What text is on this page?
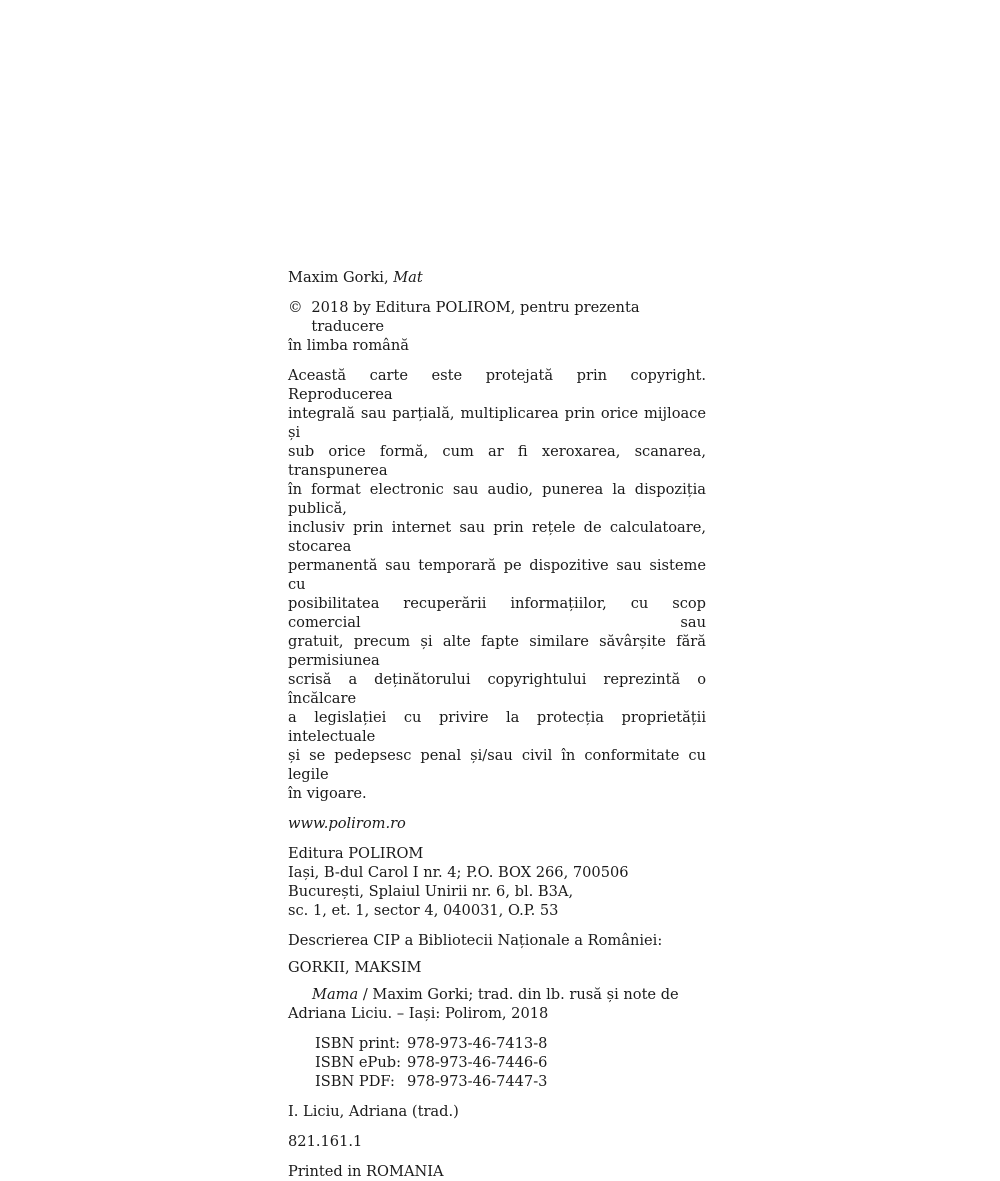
Maxim Gorki, Mat

© 2018 by Editura POLIROM, pentru prezenta traducere
în limba română
Această carte este protejată prin copyright. Reproducerea
integrală sau parțială, multiplicarea prin orice mijloace și
sub orice formă, cum ar fi xeroxarea, scanarea, transpunerea
în format electronic sau audio, punerea la dispoziția publică,
inclusiv prin internet sau prin rețele de calculatoare, stocarea
permanentă sau temporară pe dispozitive sau sisteme cu
posibilitatea recuperării informațiilor, cu scop comercial sau
gratuit, precum și alte fapte similare săvârșite fără permisiunea
scrisă a deținătorului copyrightului reprezintă o încălcare
a legislației cu privire la protecția proprietății intelectuale
și se pedepsesc penal și/sau civil în conformitate cu legile
în vigoare.

www.polirom.ro

Editura POLIROM
Iași, B-dul Carol I nr. 4; P.O. BOX 266, 700506
București, Splaiul Unirii nr. 6, bl. B3A,
sc. 1, et. 1, sector 4, 040031, O.P. 53

Descrierea CIP a Bibliotecii Naționale a României:

GORKII, MAKSIM

Mama / Maxim Gorki; trad. din lb. rusă și note de
Adriana Liciu. – Iași: Polirom, 2018
ISBN print: 978-973-46-7413-8
ISBN ePub: 978-973-46-7446-6
ISBN PDF: 978-973-46-7447-3

I. Liciu, Adriana (trad.)

821.161.1

Printed in ROMANIA
